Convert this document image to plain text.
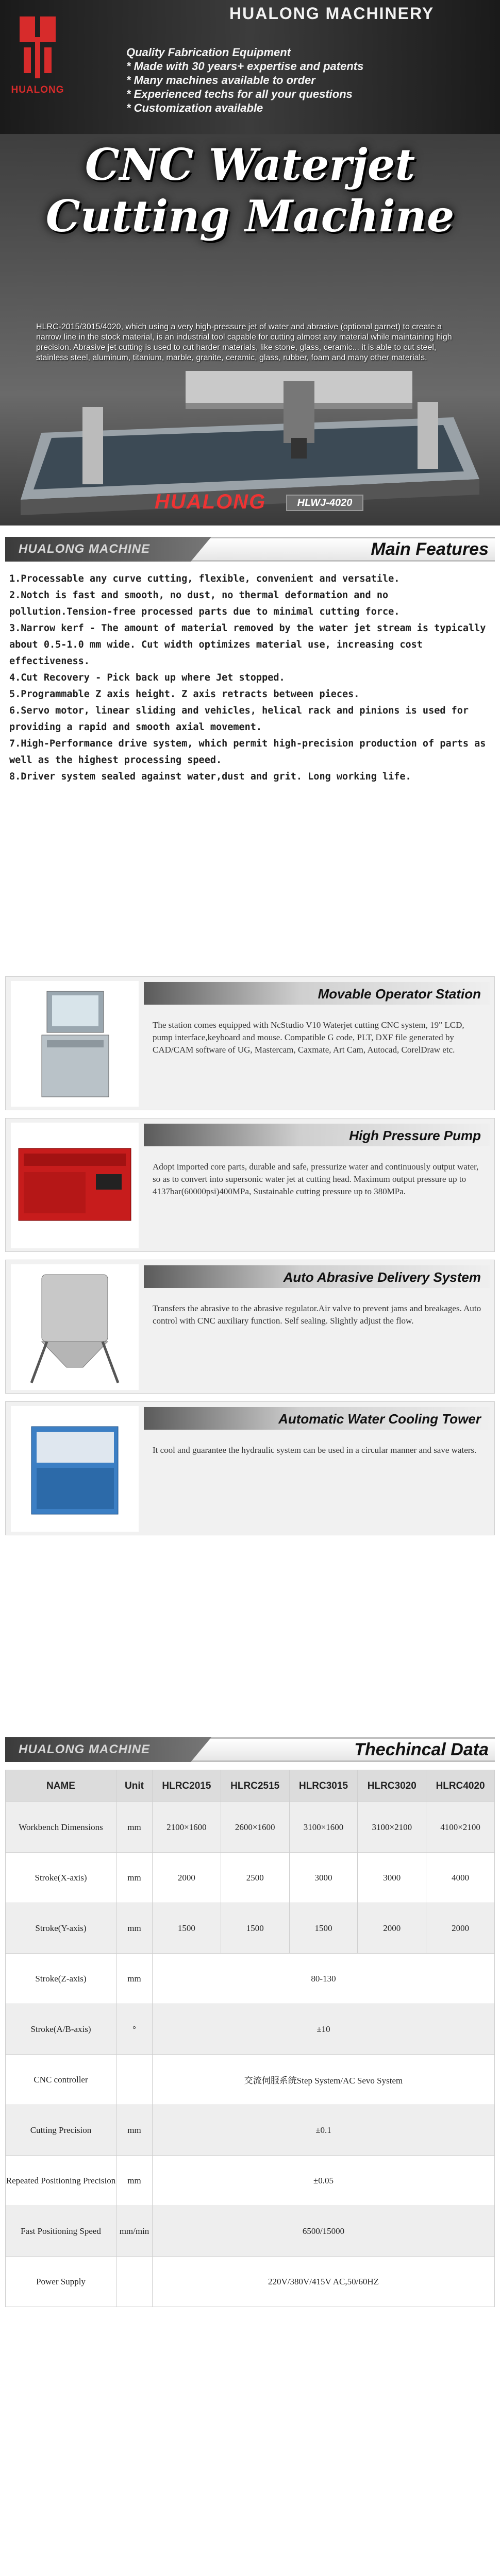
HUALONG
HUALONG MACHINERY
Quality Fabrication Equipment
* Made with 30 years+ expertise and patents
* Many machines available to order
* Experienced techs for all your questions
* Customization available
CNC Waterjet
Cutting Machine
HLRC-2015/3015/4020, which using a very high-pressure jet of water and abrasive (optional garnet) to create a narrow line in the stock material, is an industrial tool capable for cutting almost any material while maintaining high precision. Abrasive jet cutting is used to cut harder materials, like stone, glass, ceramic... it is able to cut steel, stainless steel, aluminum, titanium, marble, granite, ceramic, glass, rubber, foam and many other materials.
HUALONG	HLWJ-4020
HUALONG MACHINE	Main Features
1.Processable any curve cutting, flexible, convenient and versatile.
2.Notch is fast and smooth, no dust, no thermal deformation and no pollution.Tension-free processed parts due to minimal cutting force.
3.Narrow kerf - The amount of material removed by the water jet stream is typically about 0.5-1.0 mm wide. Cut width optimizes material use, increasing cost effectiveness.
4.Cut Recovery - Pick back up where Jet stopped.
5.Programmable Z axis height. Z axis retracts between pieces.
6.Servo motor, linear sliding and vehicles, helical rack and pinions is used for providing a rapid and smooth axial movement.
7.High-Performance drive system, which permit high-precision production of parts as well as the highest processing speed.
8.Driver system sealed against water,dust and grit. Long working life.
Movable Operator Station
The station comes equipped with NcStudio V10 Waterjet cutting CNC system, 19" LCD, pump interface,keyboard and mouse. Compatible G code, PLT, DXF file generated by CAD/CAM software of UG, Mastercam, Caxmate, Art Cam, Autocad, CorelDraw etc.
High Pressure Pump
Adopt imported core parts, durable and safe, pressurize water and continuously output water, so as to convert into supersonic water jet at cutting head. Maximum output pressure up to 4137bar(60000psi)400MPa, Sustainable cutting pressure up to 380MPa.
Auto Abrasive Delivery System
Transfers the abrasive to the abrasive regulator.Air valve to prevent jams and breakages. Auto control with CNC auxiliary function. Self sealing. Slightly adjust the flow.
Automatic Water Cooling Tower
It cool and guarantee the hydraulic system can be used in a circular manner and save waters.
HUALONG MACHINE	Thechincal Data
NAME	Unit	HLRC2015	HLRC2515	HLRC3015	HLRC3020	HLRC4020
Workbench Dimensions	mm	2100×1600	2600×1600	3100×1600	3100×2100	4100×2100
Stroke(X-axis)	mm	2000	2500	3000	3000	4000
Stroke(Y-axis)	mm	1500	1500	1500	2000	2000
Stroke(Z-axis)	mm	80-130				
Stroke(A/B-axis)	°	±10				
CNC controller		交流伺服系统Step System/AC Sevo System				
Cutting Precision	mm	±0.1				
Repeated Positioning Precision	mm	±0.05				
Fast Positioning Speed	mm/min	6500/15000				
Power Supply		220V/380V/415V AC,50/60HZ				
